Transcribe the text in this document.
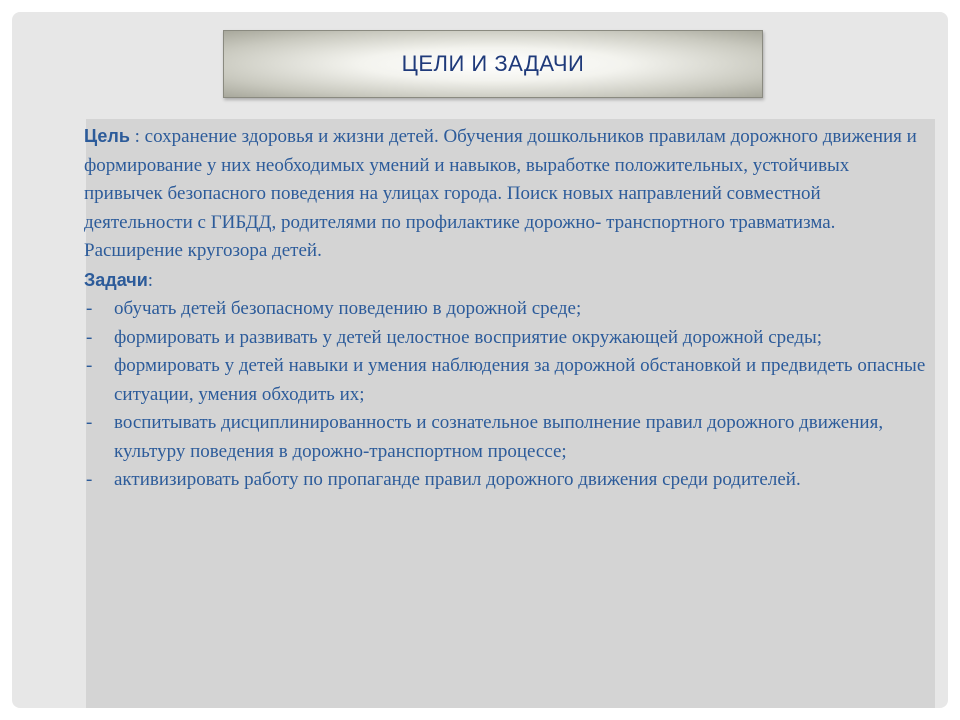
ЦЕЛИ И ЗАДАЧИ

Цель : сохранение здоровья и жизни детей. Обучения дошкольников правилам дорожного движения и формирование у них необходимых умений и навыков, выработке положительных, устойчивых привычек безопасного поведения на улицах города. Поиск новых направлений совместной деятельности с ГИБДД, родителями по профилактике дорожно- транспортного травматизма. Расширение кругозора детей.

Задачи:

- обучать детей безопасному поведению в дорожной среде;
- формировать и развивать у детей целостное восприятие окружающей дорожной среды;
- формировать у детей навыки и умения наблюдения за дорожной обстановкой и предвидеть опасные ситуации, умения обходить их;
- воспитывать дисциплинированность и сознательное выполнение правил дорожного движения, культуру поведения в дорожно-транспортном процессе;
- активизировать работу по пропаганде правил дорожного движения среди родителей.
